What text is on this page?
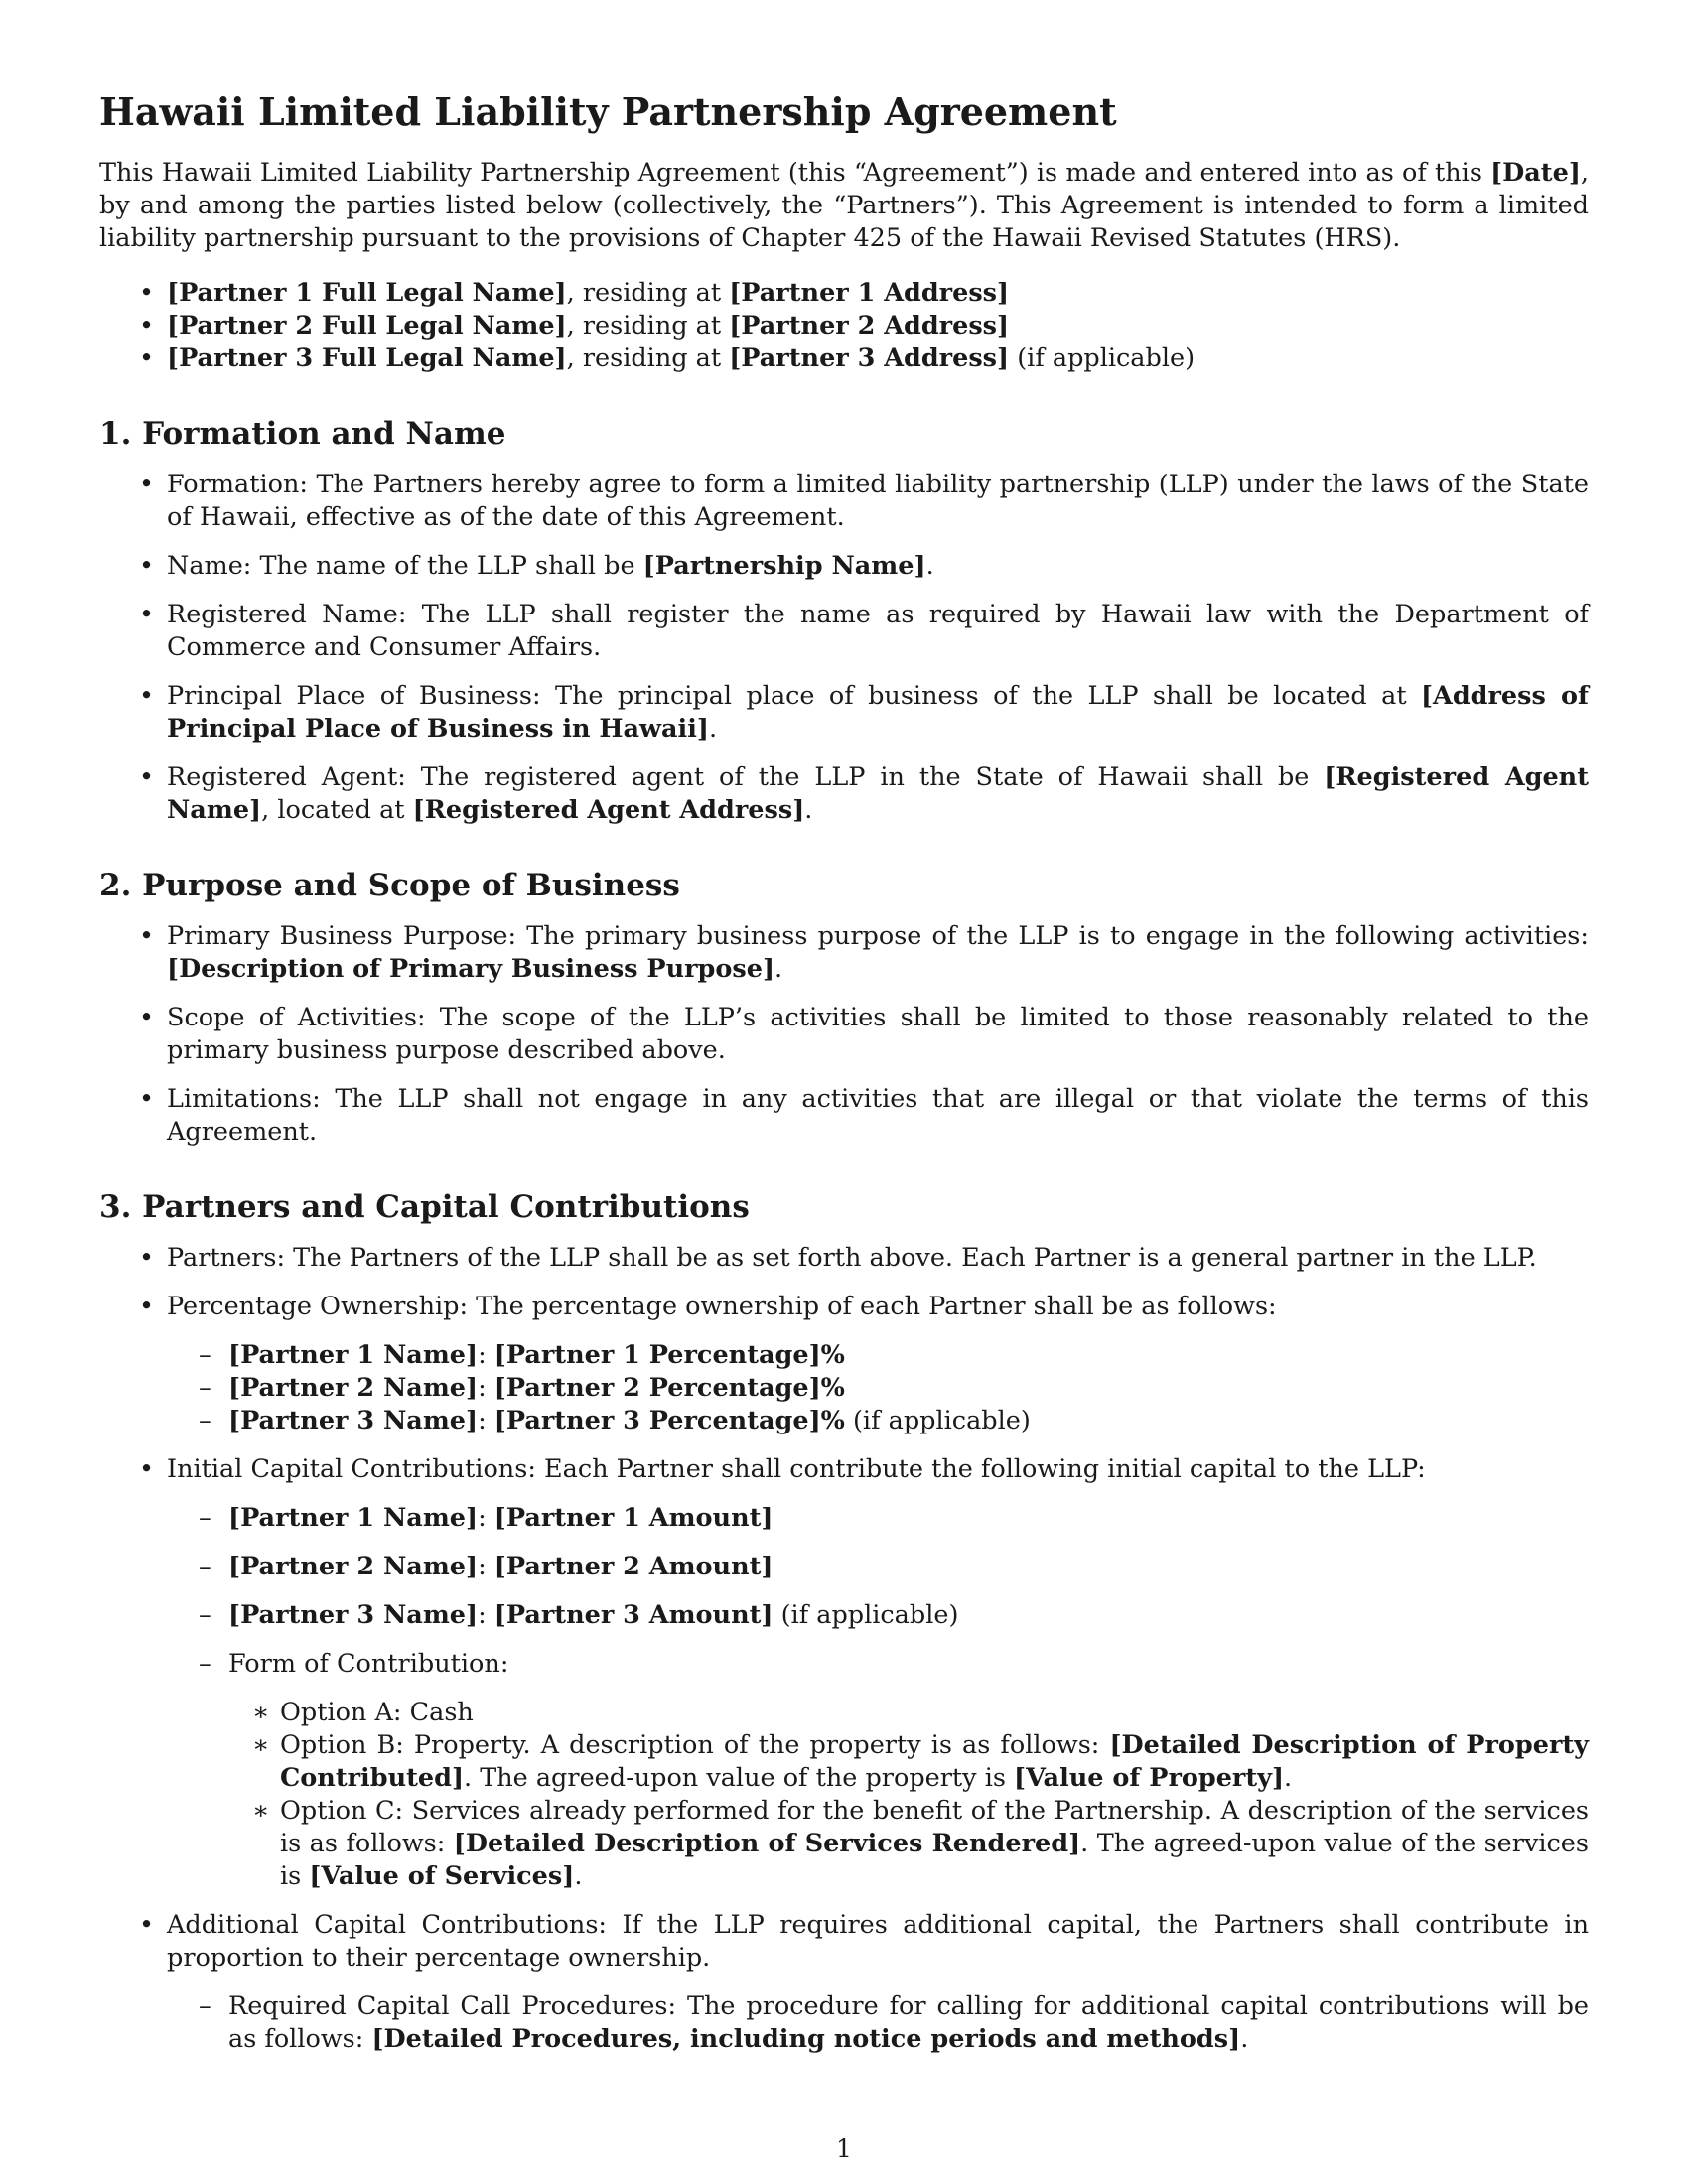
Hawaii Limited Liability Partnership Agreement

This Hawaii Limited Liability Partnership Agreement (this “Agreement”) is made and entered into as of this [Date], by and among the parties listed below (collectively, the “Partners”). This Agreement is intended to form a limited liability partnership pursuant to the provisions of Chapter 425 of the Hawaii Revised Statutes (HRS).

• [Partner 1 Full Legal Name], residing at [Partner 1 Address]
• [Partner 2 Full Legal Name], residing at [Partner 2 Address]
• [Partner 3 Full Legal Name], residing at [Partner 3 Address] (if applicable)
1. Formation and Name
• Formation: The Partners hereby agree to form a limited liability partnership (LLP) under the laws of the State of Hawaii, effective as of the date of this Agreement.
• Name: The name of the LLP shall be [Partnership Name].
• Registered Name: The LLP shall register the name as required by Hawaii law with the Department of Commerce and Consumer Affairs.
• Principal Place of Business: The principal place of business of the LLP shall be located at [Address of Principal Place of Business in Hawaii].
• Registered Agent: The registered agent of the LLP in the State of Hawaii shall be [Registered Agent Name], located at [Registered Agent Address].
2. Purpose and Scope of Business
• Primary Business Purpose: The primary business purpose of the LLP is to engage in the following activities: [Description of Primary Business Purpose].
• Scope of Activities: The scope of the LLP’s activities shall be limited to those reasonably related to the primary business purpose described above.
• Limitations: The LLP shall not engage in any activities that are illegal or that violate the terms of this Agreement.
3. Partners and Capital Contributions
• Partners: The Partners of the LLP shall be as set forth above. Each Partner is a general partner in the LLP.
• Percentage Ownership: The percentage ownership of each Partner shall be as follows:
– [Partner 1 Name]: [Partner 1 Percentage]%
– [Partner 2 Name]: [Partner 2 Percentage]%
– [Partner 3 Name]: [Partner 3 Percentage]% (if applicable)
• Initial Capital Contributions: Each Partner shall contribute the following initial capital to the LLP:
– [Partner 1 Name]: [Partner 1 Amount]
– [Partner 2 Name]: [Partner 2 Amount]
– [Partner 3 Name]: [Partner 3 Amount] (if applicable)
– Form of Contribution:
∗ Option A: Cash
∗ Option B: Property. A description of the property is as follows: [Detailed Description of Property Contributed]. The agreed-upon value of the property is [Value of Property].
∗ Option C: Services already performed for the benefit of the Partnership. A description of the services is as follows: [Detailed Description of Services Rendered]. The agreed-upon value of the services is [Value of Services].
• Additional Capital Contributions: If the LLP requires additional capital, the Partners shall contribute in proportion to their percentage ownership.
– Required Capital Call Procedures: The procedure for calling for additional capital contributions will be as follows: [Detailed Procedures, including notice periods and methods].
1
